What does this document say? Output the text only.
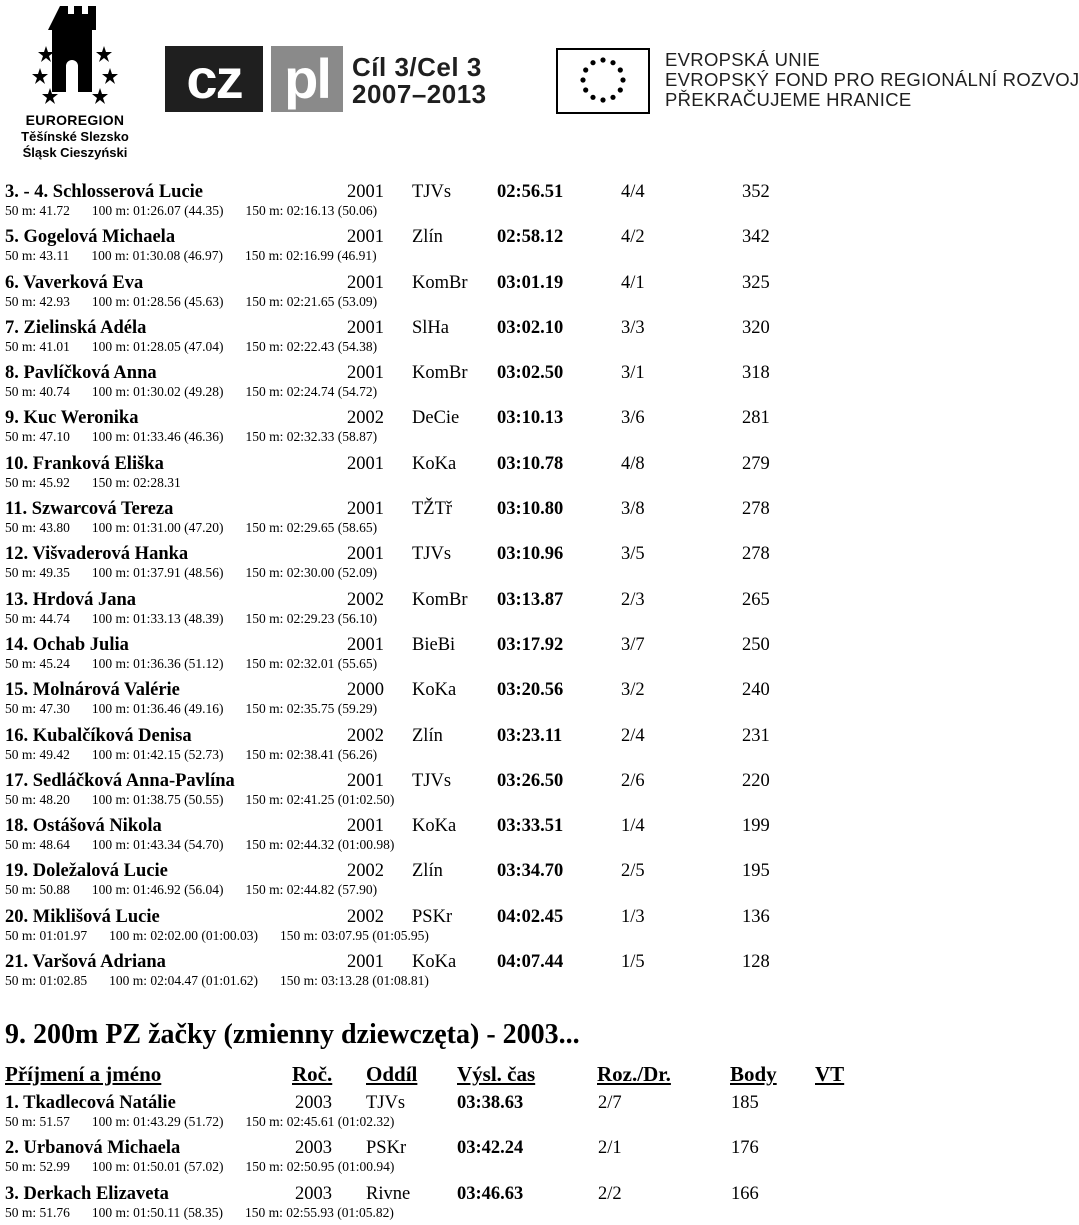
EUROREGION
Těšínské Slezsko
Śląsk Cieszyński
cz pl Cíl 3/Cel 3
2007–2013
EVROPSKÁ UNIE
EVROPSKÝ FOND PRO REGIONÁLNÍ ROZVOJ
PŘEKRAČUJEME HRANICE
3. - 4. Schlosserová Lucie	2001 TJVs 02:56.51	4/4	352
50 m: 41.72 100 m: 01:26.07 (44.35) 150 m: 02:16.13 (50.06)
5. Gogelová Michaela	2001 Zlín	02:58.12	4/2	342
50 m: 43.11 100 m: 01:30.08 (46.97) 150 m: 02:16.99 (46.91)
6. Vaverková Eva	2001 KomBr 03:01.19	4/1	325
50 m: 42.93 100 m: 01:28.56 (45.63) 150 m: 02:21.65 (53.09)
7. Zielinská Adéla	2001 SlHa	03:02.10	3/3	320
50 m: 41.01 100 m: 01:28.05 (47.04) 150 m: 02:22.43 (54.38)
8. Pavlíčková Anna	2001 KomBr 03:02.50	3/1	318
50 m: 40.74 100 m: 01:30.02 (49.28) 150 m: 02:24.74 (54.72)
9. Kuc Weronika	2002 DeCie 03:10.13	3/6	281
50 m: 47.10 100 m: 01:33.46 (46.36) 150 m: 02:32.33 (58.87)
10. Franková Eliška	2001 KoKa 03:10.78	4/8	279
50 m: 45.92 150 m: 02:28.31
11. Szwarcová Tereza	2001 TŽTř 03:10.80	3/8	278
50 m: 43.80 100 m: 01:31.00 (47.20) 150 m: 02:29.65 (58.65)
12. Višvaderová Hanka	2001 TJVs 03:10.96	3/5	278
50 m: 49.35 100 m: 01:37.91 (48.56) 150 m: 02:30.00 (52.09)
13. Hrdová Jana	2002 KomBr 03:13.87	2/3	265
50 m: 44.74 100 m: 01:33.13 (48.39) 150 m: 02:29.23 (56.10)
14. Ochab Julia	2001 BieBi 03:17.92	3/7	250
50 m: 45.24 100 m: 01:36.36 (51.12) 150 m: 02:32.01 (55.65)
15. Molnárová Valérie	2000 KoKa 03:20.56	3/2	240
50 m: 47.30 100 m: 01:36.46 (49.16) 150 m: 02:35.75 (59.29)
16. Kubalčíková Denisa	2002 Zlín	03:23.11	2/4	231
50 m: 49.42 100 m: 01:42.15 (52.73) 150 m: 02:38.41 (56.26)
17. Sedláčková Anna-Pavlína	2001 TJVs 03:26.50	2/6	220
50 m: 48.20 100 m: 01:38.75 (50.55) 150 m: 02:41.25 (01:02.50)
18. Ostášová Nikola	2001 KoKa 03:33.51	1/4	199
50 m: 48.64 100 m: 01:43.34 (54.70) 150 m: 02:44.32 (01:00.98)
19. Doležalová Lucie	2002 Zlín	03:34.70	2/5	195
50 m: 50.88 100 m: 01:46.92 (56.04) 150 m: 02:44.82 (57.90)
20. Miklišová Lucie	2002 PSKr 04:02.45	1/3	136
50 m: 01:01.97 100 m: 02:02.00 (01:00.03) 150 m: 03:07.95 (01:05.95)
21. Varšová Adriana	2001 KoKa 04:07.44	1/5	128
50 m: 01:02.85 100 m: 02:04.47 (01:01.62) 150 m: 03:13.28 (01:08.81)
9. 200m PZ žačky (zmienny dziewczęta) - 2003...
Příjmení a jméno	Roč. Oddíl Výsl. čas	Roz./Dr.	Body VT
1. Tkadlecová Natálie	2003 TJVs	03:38.63	2/7	185
50 m: 51.57 100 m: 01:43.29 (51.72) 150 m: 02:45.61 (01:02.32)
2. Urbanová Michaela	2003 PSKr	03:42.24	2/1	176
50 m: 52.99 100 m: 01:50.01 (57.02) 150 m: 02:50.95 (01:00.94)
3. Derkach Elizaveta	2003 Rivne	03:46.63	2/2	166
50 m: 51.76 100 m: 01:50.11 (58.35) 150 m: 02:55.93 (01:05.82)
